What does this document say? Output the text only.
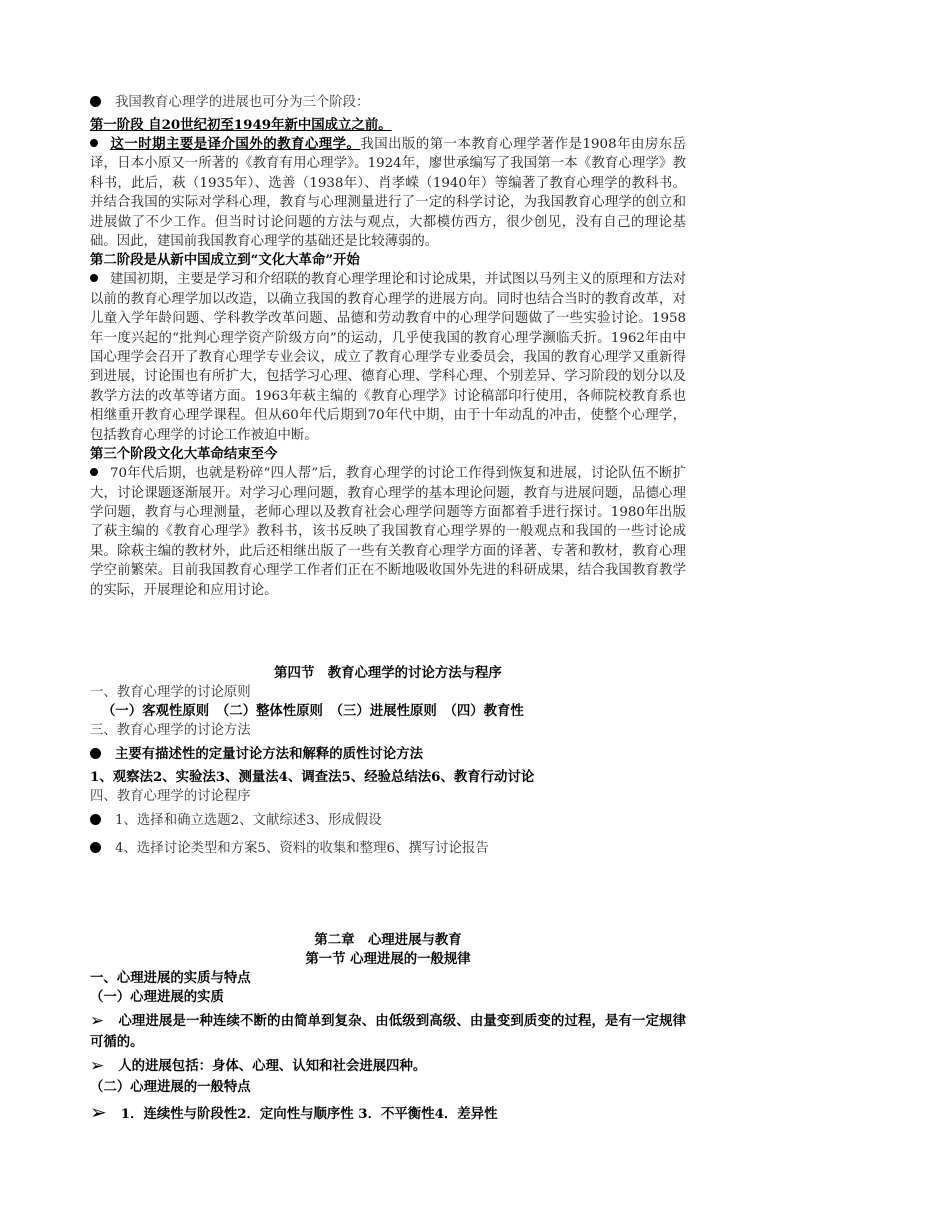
我国教育心理学的进展也可分为三个阶段：

第一阶段 自20世纪初至1949年新中国成立之前。

这一时期主要是译介国外的教育心理学。我国出版的第一本教育心理学著作是1908年由房东岳译，日本小原又一所著的《教育有用心理学》。1924年，廖世承编写了我国第一本《教育心理学》教科书，此后，萩（1935年）、选善（1938年）、肖孝嵘（1940年）等编著了教育心理学的教科书。并结合我国的实际对学科心理，教育与心理测量进行了一定的科学讨论，为我国教育心理学的创立和进展做了不少工作。但当时讨论问题的方法与观点，大都模仿西方，很少创见，没有自己的理论基础。因此，建国前我国教育心理学的基础还是比较薄弱的。

第二阶段是从新中国成立到“文化大革命”开始

建国初期，主要是学习和介绍联的教育心理学理论和讨论成果，并试图以马列主义的原理和方法对以前的教育心理学加以改造，以确立我国的教育心理学的进展方向。同时也结合当时的教育改革，对儿童入学年龄问题、学科教学改革问题、品德和劳动教育中的心理学问题做了一些实验讨论。1958年一度兴起的“批判心理学资产阶级方向”的运动，几乎使我国的教育心理学濒临夭折。1962年由中国心理学会召开了教育心理学专业会议，成立了教育心理学专业委员会，我国的教育心理学又重新得到进展，讨论围也有所扩大，包括学习心理、德育心理、学科心理、个别差异、学习阶段的划分以及教学方法的改革等诸方面。1963年萩主编的《教育心理学》讨论稿部印行使用，各师院校教育系也相继重开教育心理学课程。但从60年代后期到70年代中期，由于十年动乱的冲击，使整个心理学，包括教育心理学的讨论工作被迫中断。

第三个阶段文化大革命结束至今

70年代后期，也就是粉碎“四人帮”后，教育心理学的讨论工作得到恢复和进展，讨论队伍不断扩大，讨论课题逐渐展开。对学习心理问题，教育心理学的基本理论问题，教育与进展问题，品德心理学问题，教育与心理测量，老师心理以及教育社会心理学问题等方面都着手进行探讨。1980年出版了萩主编的《教育心理学》教科书，该书反映了我国教育心理学界的一般观点和我国的一些讨论成果。除萩主编的教材外，此后还相继出版了一些有关教育心理学方面的译著、专著和教材，教育心理学空前繁荣。目前我国教育心理学工作者们正在不断地吸收国外先进的科研成果，结合我国教育教学的实际，开展理论和应用讨论。

第四节　教育心理学的讨论方法与程序

一、教育心理学的讨论原则

（一）客观性原则　（二）整体性原则　（三）进展性原则　（四）教育性

三、教育心理学的讨论方法

主要有描述性的定量讨论方法和解释的质性讨论方法

1、观察法2、实验法3、测量法4、调查法5、经验总结法6、教育行动讨论

四、教育心理学的讨论程序

1、选择和确立选题2、文献综述3、形成假设

4、选择讨论类型和方案5、资料的收集和整理6、撰写讨论报告

第二章　心理进展与教育

第一节 心理进展的一般规律

一、心理进展的实质与特点

（一）心理进展的实质

➢ 心理进展是一种连续不断的由简单到复杂、由低级到高级、由量变到质变的过程，是有一定规律可循的。

➢ 人的进展包括：身体、心理、认知和社会进展四种。

（二）心理进展的一般特点

➢ 1．连续性与阶段性2．定向性与顺序性 3．不平衡性4．差异性
